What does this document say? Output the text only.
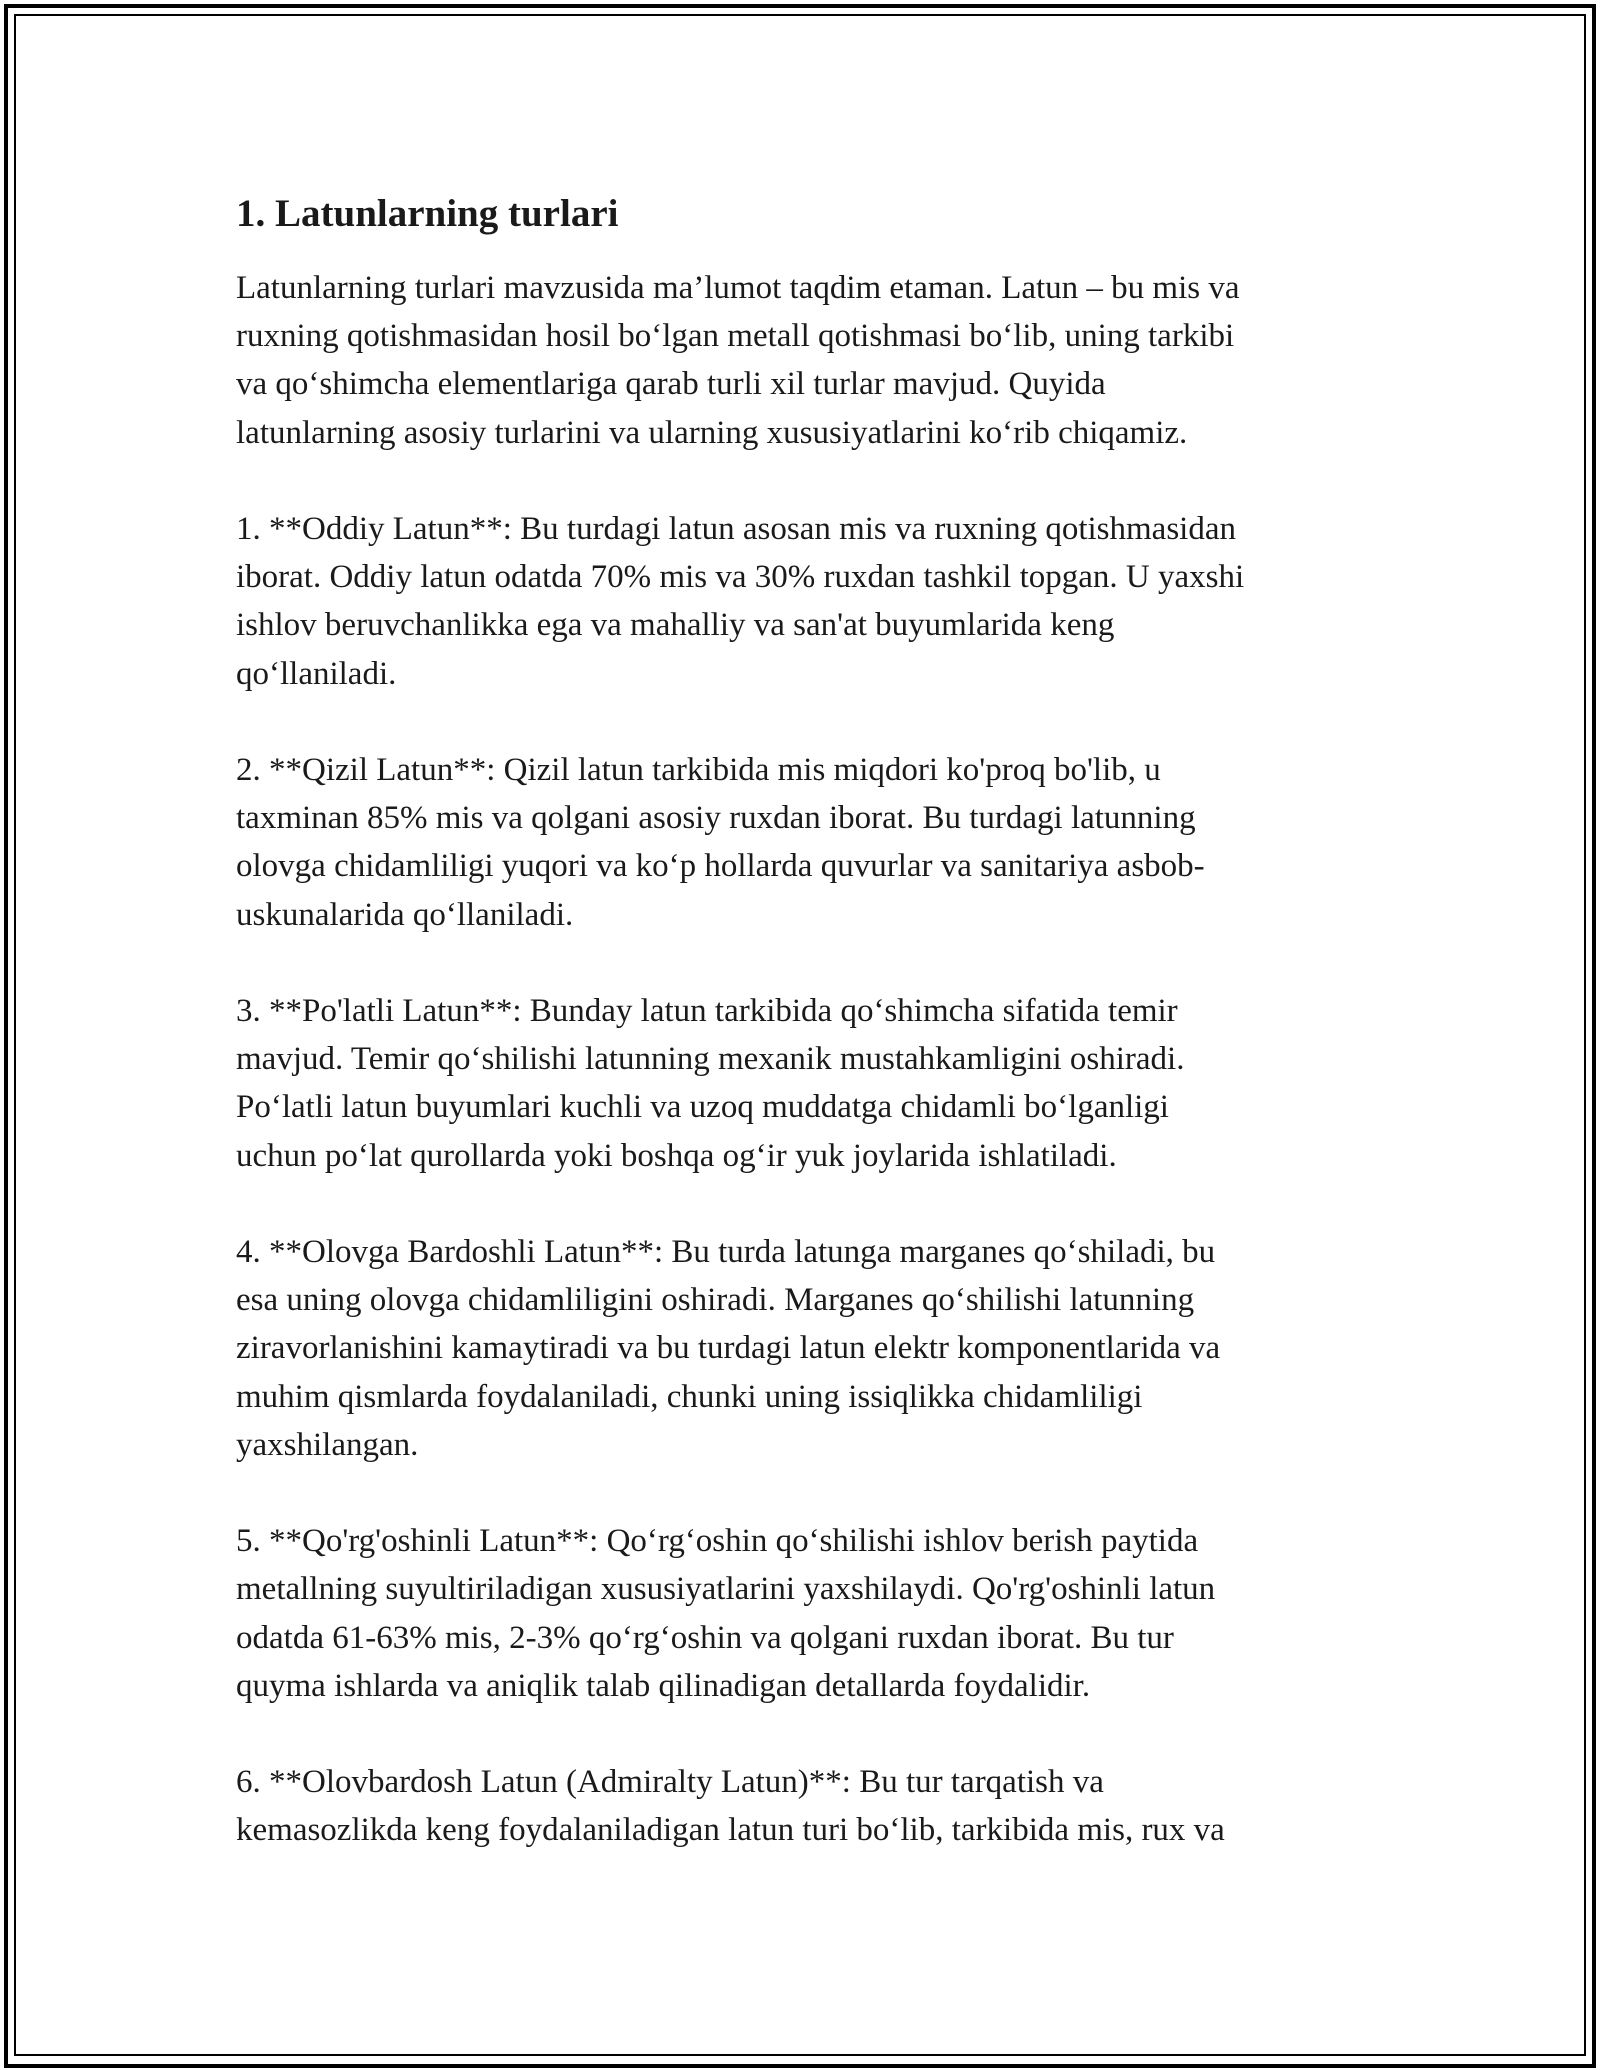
1. Latunlarning turlari
Latunlarning turlari mavzusida ma’lumot taqdim etaman. Latun – bu mis va
ruxning qotishmasidan hosil bo‘lgan metall qotishmasi bo‘lib, uning tarkibi
va qo‘shimcha elementlariga qarab turli xil turlar mavjud. Quyida
latunlarning asosiy turlarini va ularning xususiyatlarini ko‘rib chiqamiz.
1. **Oddiy Latun**: Bu turdagi latun asosan mis va ruxning qotishmasidan
iborat. Oddiy latun odatda 70% mis va 30% ruxdan tashkil topgan. U yaxshi
ishlov beruvchanlikka ega va mahalliy va san'at buyumlarida keng
qo‘llaniladi.
2. **Qizil Latun**: Qizil latun tarkibida mis miqdori ko'proq bo'lib, u
taxminan 85% mis va qolgani asosiy ruxdan iborat. Bu turdagi latunning
olovga chidamliligi yuqori va ko‘p hollarda quvurlar va sanitariya asbob-
uskunalarida qo‘llaniladi.
3. **Po'latli Latun**: Bunday latun tarkibida qo‘shimcha sifatida temir
mavjud. Temir qo‘shilishi latunning mexanik mustahkamligini oshiradi.
Po‘latli latun buyumlari kuchli va uzoq muddatga chidamli bo‘lganligi
uchun po‘lat qurollarda yoki boshqa og‘ir yuk joylarida ishlatiladi.
4. **Olovga Bardoshli Latun**: Bu turda latunga marganes qo‘shiladi, bu
esa uning olovga chidamliligini oshiradi. Marganes qo‘shilishi latunning
ziravorlanishini kamaytiradi va bu turdagi latun elektr komponentlarida va
muhim qismlarda foydalaniladi, chunki uning issiqlikka chidamliligi
yaxshilangan.
5. **Qo'rg'oshinli Latun**: Qo‘rg‘oshin qo‘shilishi ishlov berish paytida
metallning suyultiriladigan xususiyatlarini yaxshilaydi. Qo'rg'oshinli latun
odatda 61-63% mis, 2-3% qo‘rg‘oshin va qolgani ruxdan iborat. Bu tur
quyma ishlarda va aniqlik talab qilinadigan detallarda foydalidir.
6. **Olovbardosh Latun (Admiralty Latun)**: Bu tur tarqatish va
kemasozlikda keng foydalaniladigan latun turi bo‘lib, tarkibida mis, rux va
